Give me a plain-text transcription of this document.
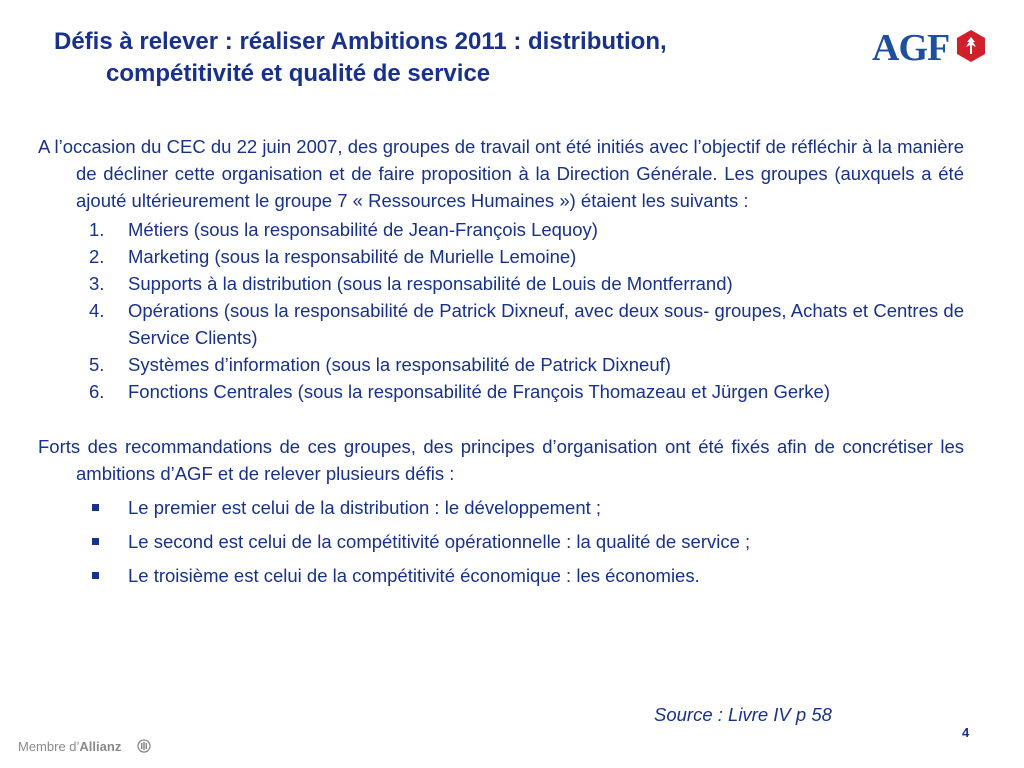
Défis à relever : réaliser Ambitions 2011 : distribution,
compétitivité et qualité de service
AGF

A l’occasion du CEC du 22 juin 2007, des groupes de travail ont été initiés avec l’objectif de réfléchir à la manière de décliner cette organisation et de faire proposition à la Direction Générale. Les groupes (auxquels a été ajouté ultérieurement le groupe 7 « Ressources Humaines ») étaient les suivants :

1. Métiers (sous la responsabilité de Jean-François Lequoy)
2. Marketing (sous la responsabilité de Murielle Lemoine)
3. Supports à la distribution (sous la responsabilité de Louis de Montferrand)
4. Opérations (sous la responsabilité de Patrick Dixneuf, avec deux sous- groupes, Achats et Centres de Service Clients)
5. Systèmes d’information (sous la responsabilité de Patrick Dixneuf)
6. Fonctions Centrales (sous la responsabilité de François Thomazeau et Jürgen Gerke)

Forts des recommandations de ces groupes, des principes d’organisation ont été fixés afin de concrétiser les ambitions d’AGF et de relever plusieurs défis :

Le premier est celui de la distribution : le développement ;
Le second est celui de la compétitivité opérationnelle : la qualité de service ;
Le troisième est celui de la compétitivité économique : les économies.
Source : Livre IV p 58
4
Membre d’Allianz
